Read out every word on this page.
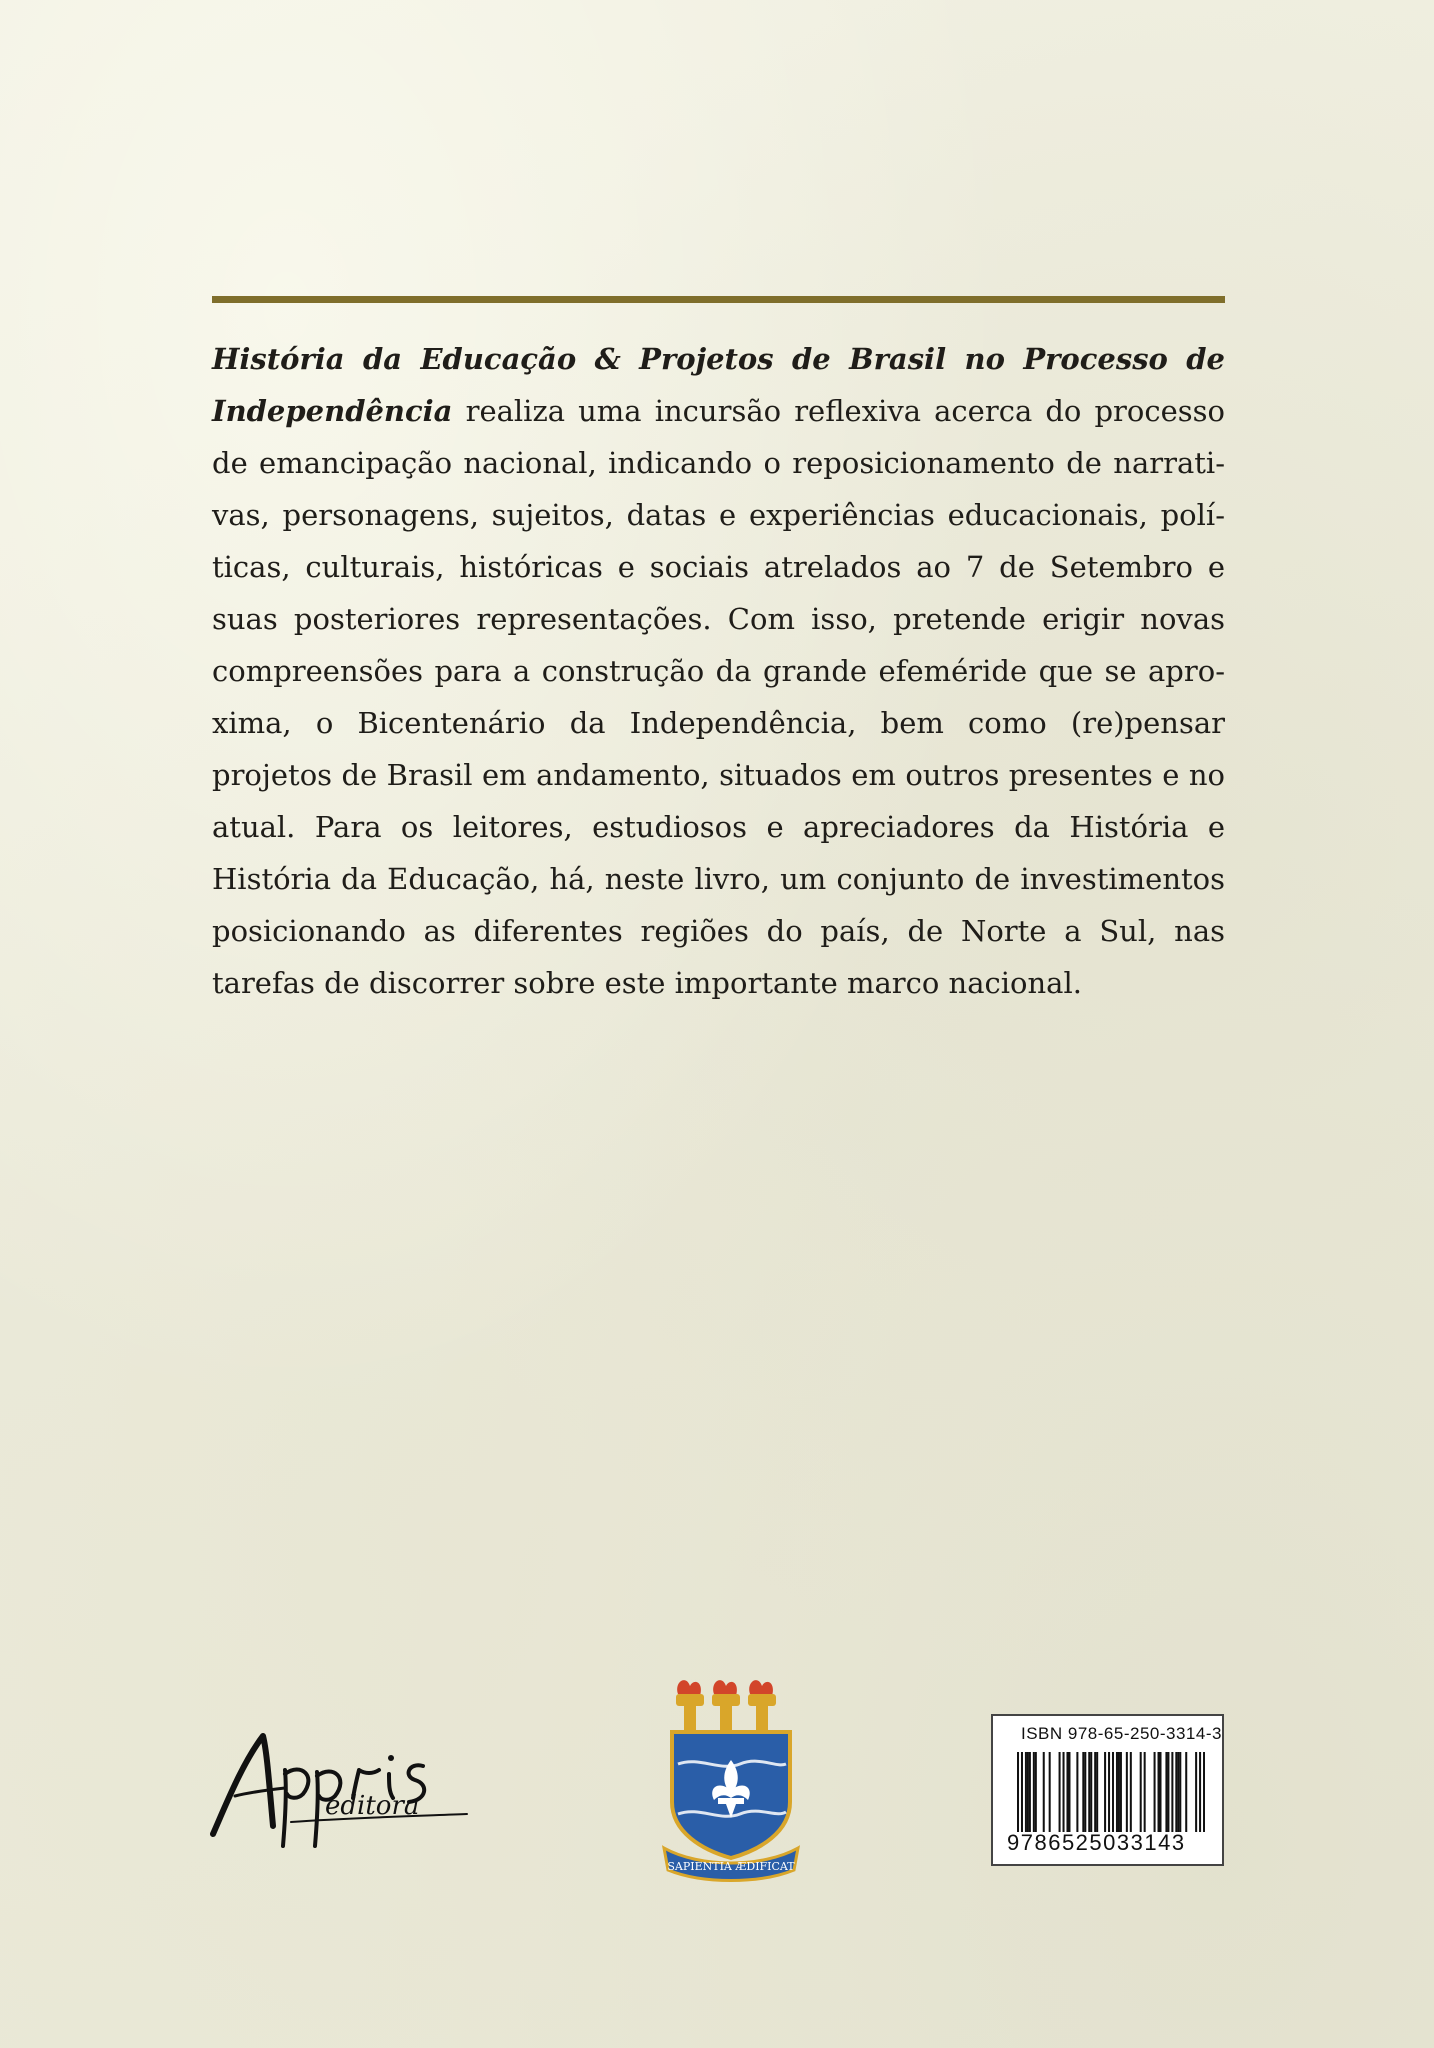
História da Educação & Projetos de Brasil no Processo de Independência realiza uma incursão reflexiva acerca do processo de emancipação nacional, indicando o reposicionamento de narrativas, personagens, sujeitos, datas e experiências educacionais, políticas, culturais, históricas e sociais atrelados ao 7 de Setembro e suas posteriores representações. Com isso, pretende erigir novas compreensões para a construção da grande efeméride que se aproxima, o Bicentenário da Independência, bem como (re)pensar projetos de Brasil em andamento, situados em outros presentes e no atual. Para os leitores, estudiosos e apreciadores da História e História da Educação, há, neste livro, um conjunto de investimentos posicionando as diferentes regiões do país, de Norte a Sul, nas tarefas de discorrer sobre este importante marco nacional.

editora
SAPIENTIA ÆDIFICAT
ISBN 978-65-250-3314-3
9786525033143
